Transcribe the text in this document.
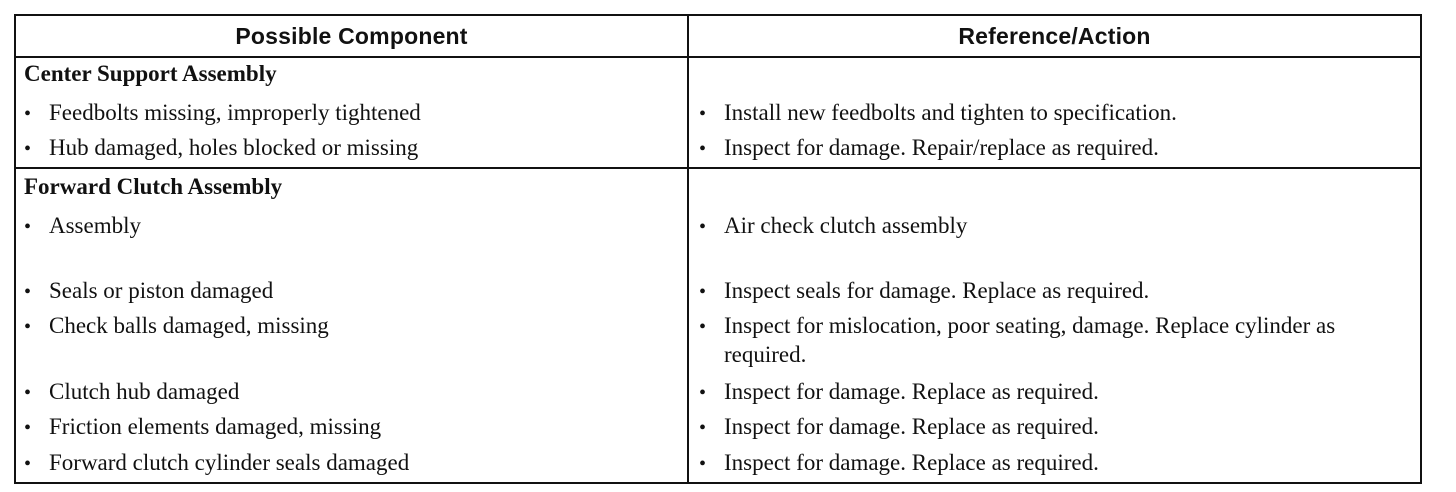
Possible Component	Reference/Action
Center Support Assembly
• Feedbolts missing, improperly tightened
• Hub damaged, holes blocked or missing
• Install new feedbolts and tighten to specification.
• Inspect for damage. Repair/replace as required.
Forward Clutch Assembly
• Assembly
• Seals or piston damaged
• Check balls damaged, missing
• Clutch hub damaged
• Friction elements damaged, missing
• Forward clutch cylinder seals damaged
• Air check clutch assembly
• Inspect seals for damage. Replace as required.
• Inspect for mislocation, poor seating, damage. Replace cylinder as required.
• Inspect for damage. Replace as required.
• Inspect for damage. Replace as required.
• Inspect for damage. Replace as required.
